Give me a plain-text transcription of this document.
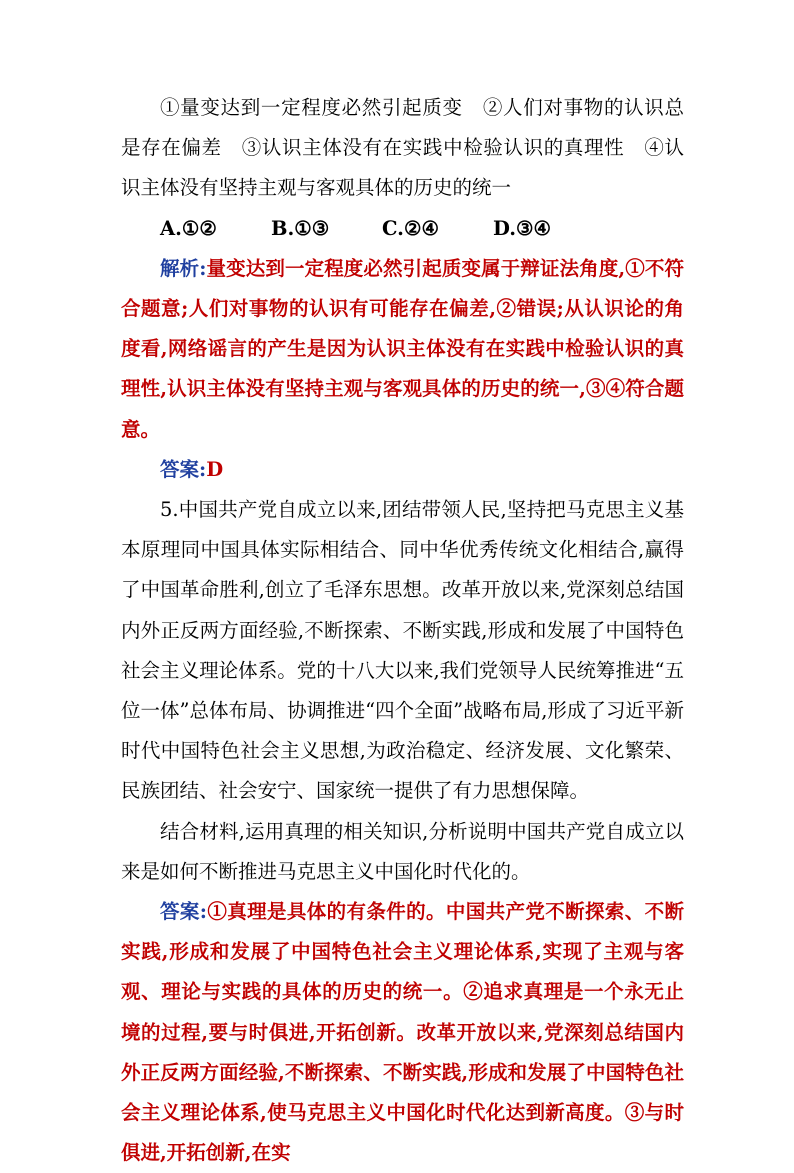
①量变达到一定程度必然引起质变　②人们对事物的认识总是存在偏差　③认识主体没有在实践中检验认识的真理性　④认识主体没有坚持主观与客观具体的历史的统一

A.①②	B.①③	C.②④	D.③④

解析:量变达到一定程度必然引起质变属于辩证法角度,①不符合题意;人们对事物的认识有可能存在偏差,②错误;从认识论的角度看,网络谣言的产生是因为认识主体没有在实践中检验认识的真理性,认识主体没有坚持主观与客观具体的历史的统一,③④符合题意。

答案:D

5.中国共产党自成立以来,团结带领人民,坚持把马克思主义基本原理同中国具体实际相结合、同中华优秀传统文化相结合,赢得了中国革命胜利,创立了毛泽东思想。改革开放以来,党深刻总结国内外正反两方面经验,不断探索、不断实践,形成和发展了中国特色社会主义理论体系。党的十八大以来,我们党领导人民统筹推进“五位一体”总体布局、协调推进“四个全面”战略布局,形成了习近平新时代中国特色社会主义思想,为政治稳定、经济发展、文化繁荣、民族团结、社会安宁、国家统一提供了有力思想保障。

结合材料,运用真理的相关知识,分析说明中国共产党自成立以来是如何不断推进马克思主义中国化时代化的。

答案:①真理是具体的有条件的。中国共产党不断探索、不断实践,形成和发展了中国特色社会主义理论体系,实现了主观与客观、理论与实践的具体的历史的统一。②追求真理是一个永无止境的过程,要与时俱进,开拓创新。改革开放以来,党深刻总结国内外正反两方面经验,不断探索、不断实践,形成和发展了中国特色社会主义理论体系,使马克思主义中国化时代化达到新高度。③与时俱进,开拓创新,在实
